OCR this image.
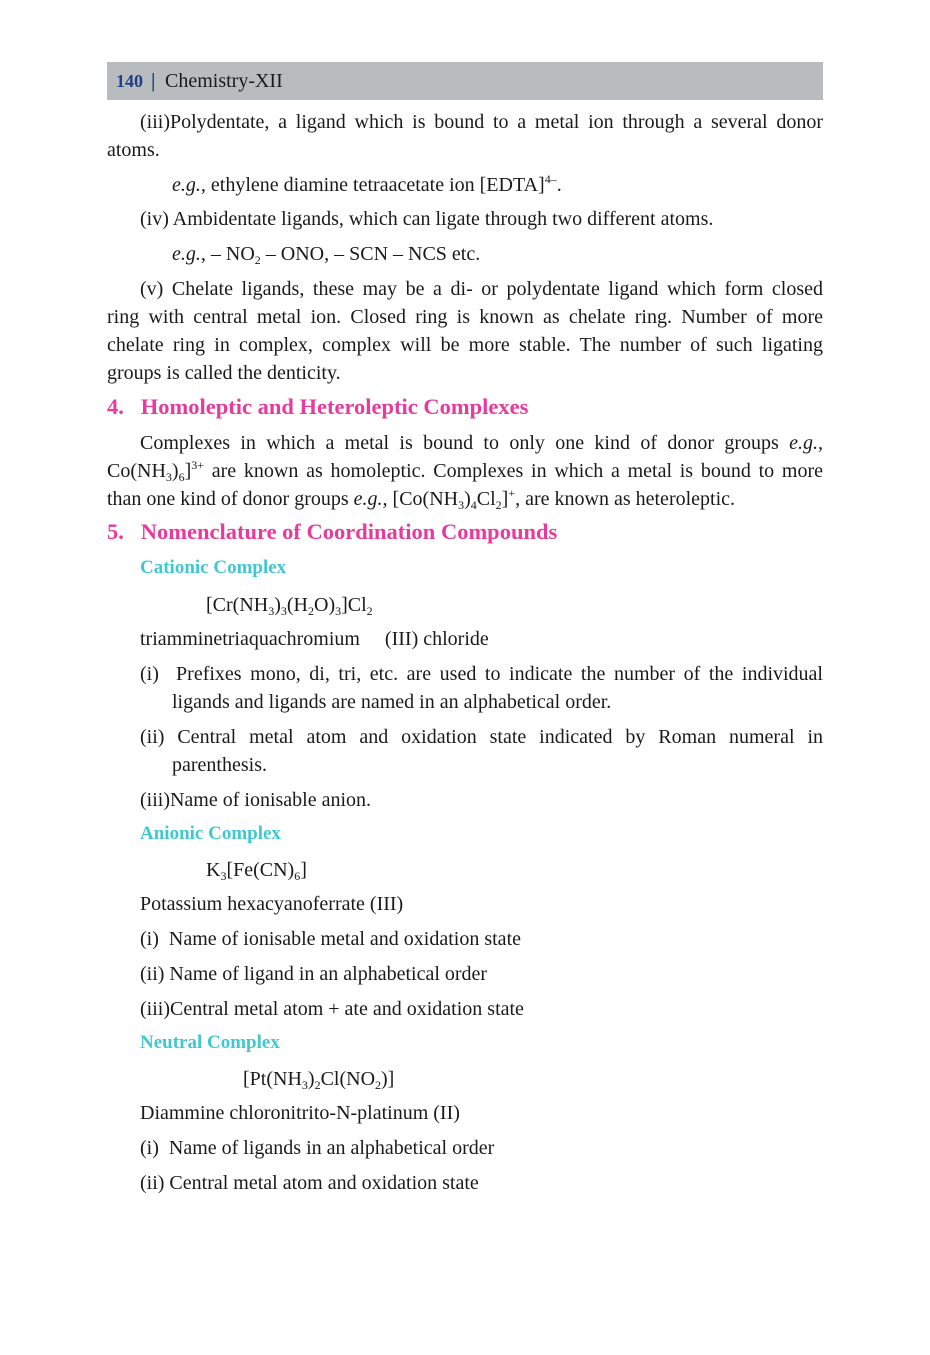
140 | Chemistry-XII
(iii)Polydentate, a ligand which is bound to a metal ion through a several donor
atoms.
e.g., ethylene diamine tetraacetate ion [EDTA]$^{4-}$.
(iv) Ambidentate ligands, which can ligate through two different atoms.
e.g., – $NO_2$ – ONO, – SCN – NCS etc.
(v) Chelate ligands, these may be a di- or polydentate ligand which form closed
ring with central metal ion. Closed ring is known as chelate ring. Number of more
chelate ring in complex, complex will be more stable. The number of such ligating
groups is called the denticity.
4.   Homoleptic and Heteroleptic Complexes
Complexes in which a metal is bound to only one kind of donor groups e.g.,
$Co(NH_3)_6]^{3+}$ are known as homoleptic. Complexes in which a metal is bound to more
than one kind of donor groups e.g., $[Co(NH_3)_4Cl_2]^+$, are known as heteroleptic.
5.   Nomenclature of Coordination Compounds
Cationic Complex
$[Cr(NH_3)_3(H_2O)_3]Cl_2$
triamminetriaquachromium     (III) chloride
(i)  Prefixes mono, di, tri, etc. are used to indicate the number of the individual
ligands and ligands are named in an alphabetical order.
(ii) Central metal atom and oxidation state indicated by Roman numeral in
parenthesis.
(iii)Name of ionisable anion.
Anionic Complex
$K_3[Fe(CN)_6]$
Potassium hexacyanoferrate (III)
(i)  Name of ionisable metal and oxidation state
(ii) Name of ligand in an alphabetical order
(iii)Central metal atom + ate and oxidation state
Neutral Complex
$[Pt(NH_3)_2Cl(NO_2)]$
Diammine chloronitrito-N-platinum (II)
(i)  Name of ligands in an alphabetical order
(ii) Central metal atom and oxidation state
